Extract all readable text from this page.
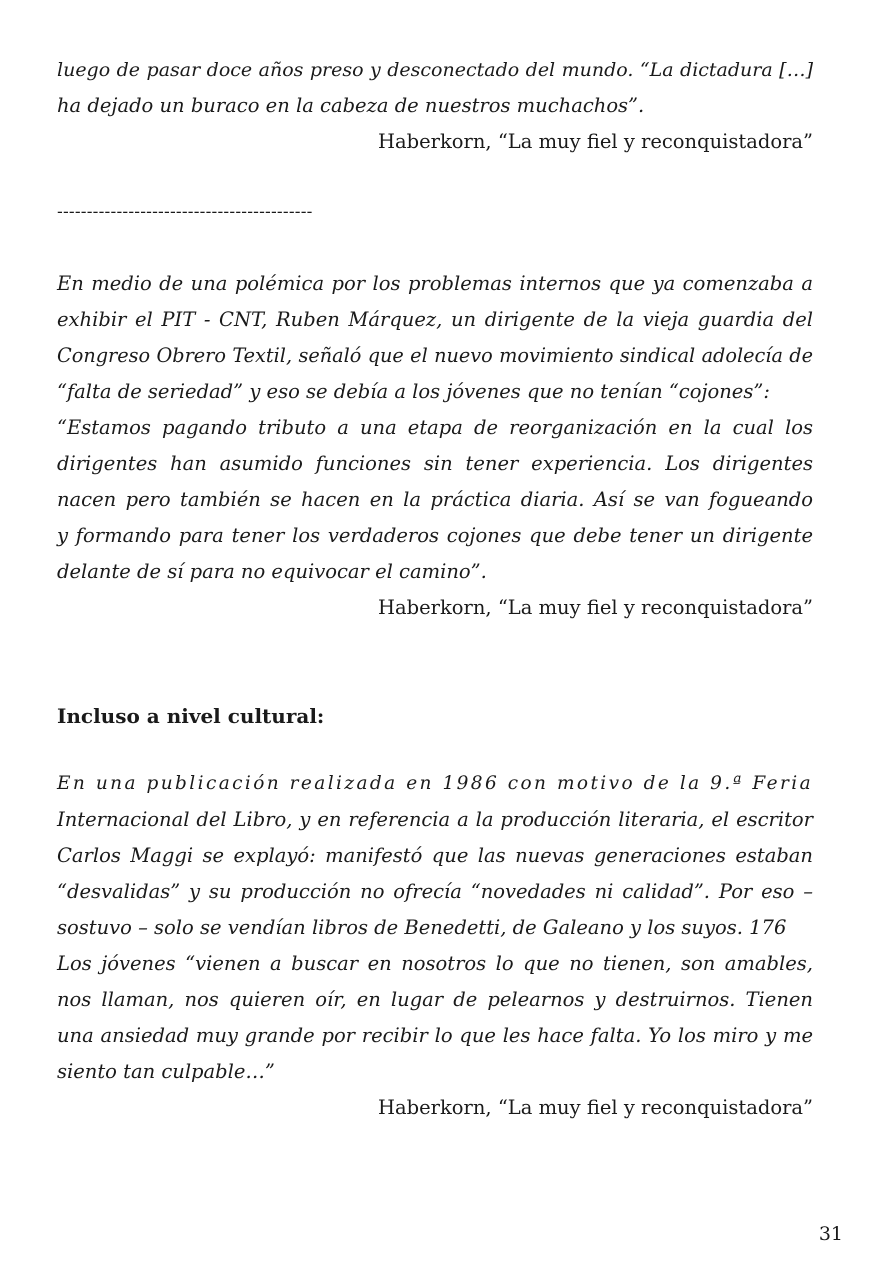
luego de pasar doce años preso y desconectado del mundo. “La dictadura […]
ha dejado un buraco en la cabeza de nuestros muchachos”.
Haberkorn, “La muy fiel y reconquistadora”
-------------------------------------------
En medio de una polémica por los problemas internos que ya comenzaba a
exhibir el PIT - CNT, Ruben Márquez, un dirigente de la vieja guardia del
Congreso Obrero Textil, señaló que el nuevo movimiento sindical adolecía de
“falta de seriedad” y eso se debía a los jóvenes que no tenían “cojones”:
“Estamos pagando tributo a una etapa de reorganización en la cual los
dirigentes han asumido funciones sin tener experiencia. Los dirigentes
nacen pero también se hacen en la práctica diaria. Así se van fogueando
y formando para tener los verdaderos cojones que debe tener un dirigente
delante de sí para no equivocar el camino”.
Haberkorn, “La muy fiel y reconquistadora”
Incluso a nivel cultural:
En una publicación realizada en 1986 con motivo de la 9.ª Feria
Internacional del Libro, y en referencia a la producción literaria, el escritor
Carlos Maggi se explayó: manifestó que las nuevas generaciones estaban
“desvalidas” y su producción no ofrecía “novedades ni calidad”. Por eso –
sostuvo – solo se vendían libros de Benedetti, de Galeano y los suyos. 176
Los jóvenes “vienen a buscar en nosotros lo que no tienen, son amables,
nos llaman, nos quieren oír, en lugar de pelearnos y destruirnos. Tienen
una ansiedad muy grande por recibir lo que les hace falta. Yo los miro y me
siento tan culpable…”
Haberkorn, “La muy fiel y reconquistadora”
31
